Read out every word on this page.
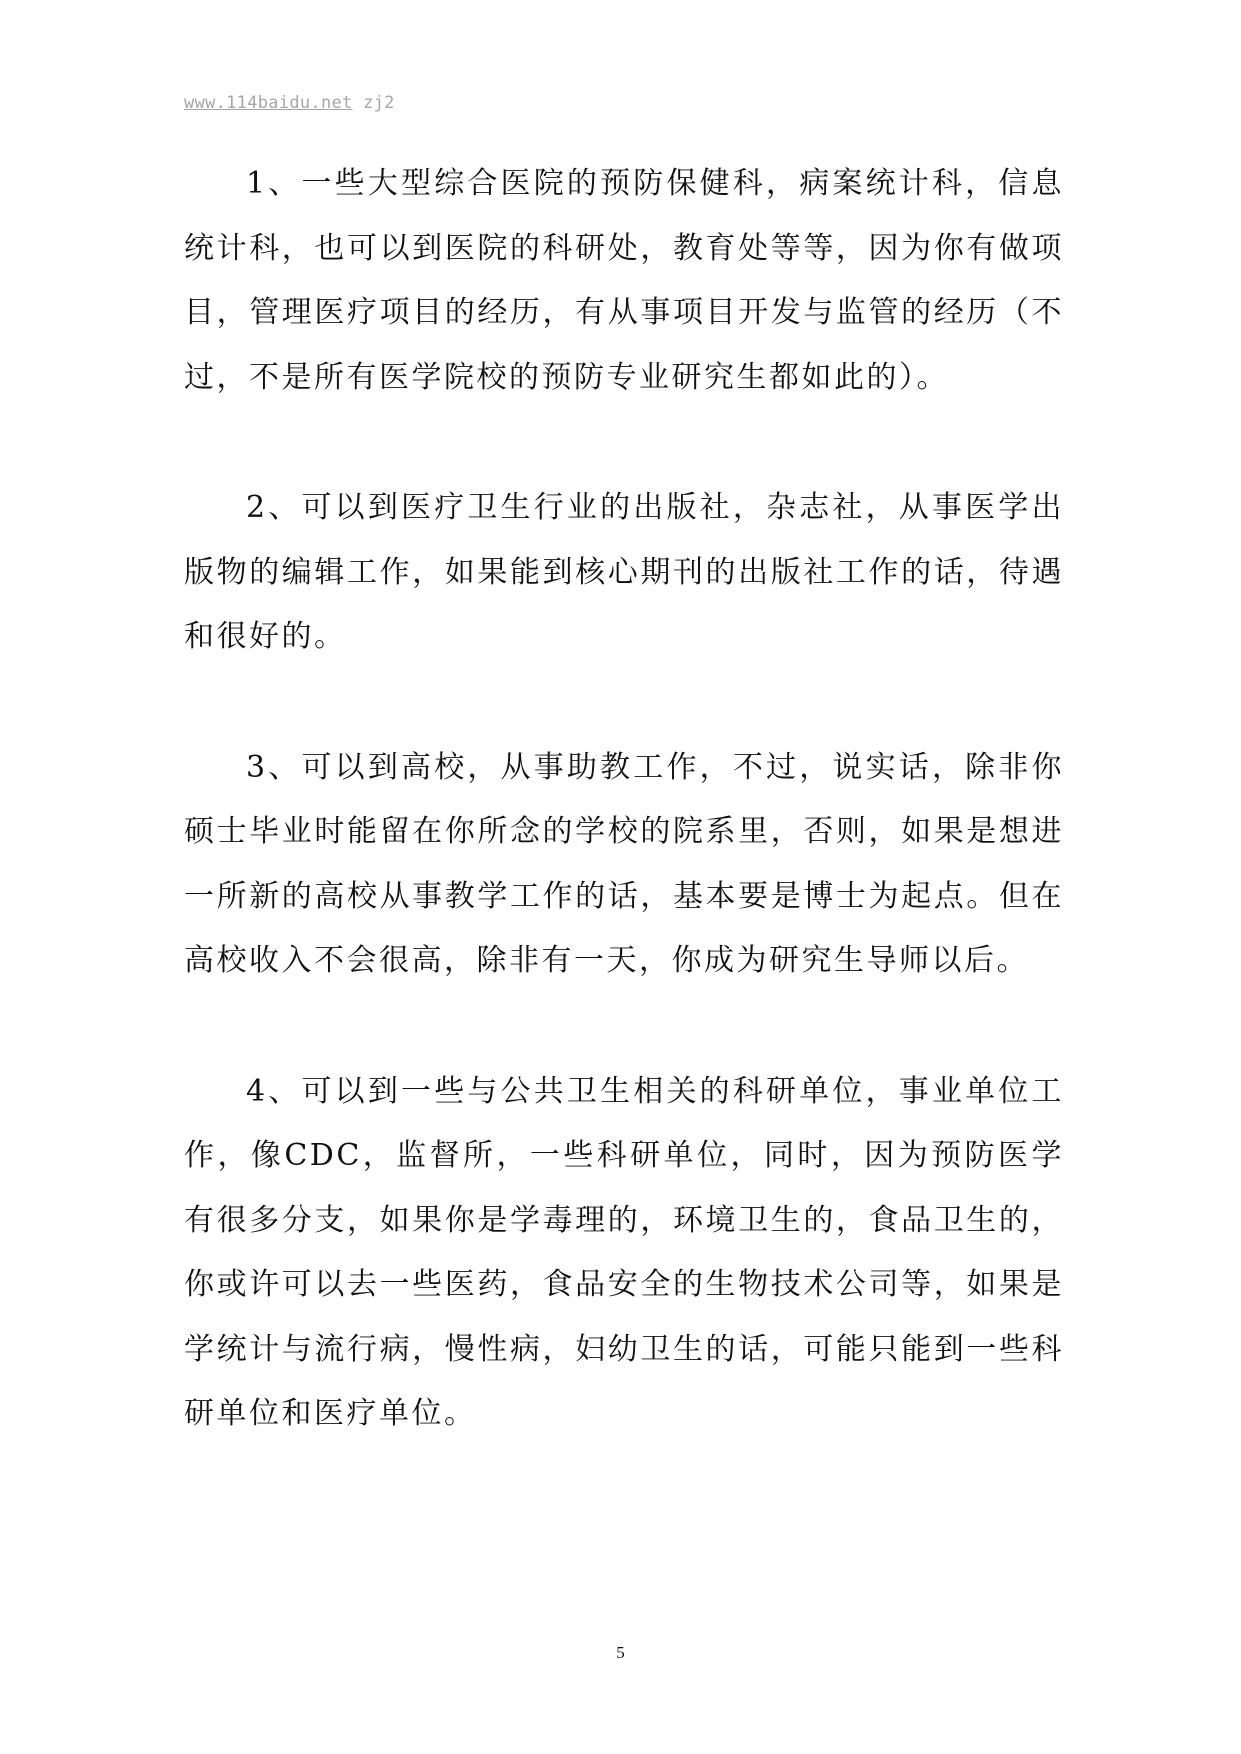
www.114baidu.net zj2

1、一些大型综合医院的预防保健科，病案统计科，信息统计科，也可以到医院的科研处，教育处等等，因为你有做项目，管理医疗项目的经历，有从事项目开发与监管的经历（不过，不是所有医学院校的预防专业研究生都如此的）。

2、可以到医疗卫生行业的出版社，杂志社，从事医学出版物的编辑工作，如果能到核心期刊的出版社工作的话，待遇和很好的。

3、可以到高校，从事助教工作，不过，说实话，除非你硕士毕业时能留在你所念的学校的院系里，否则，如果是想进一所新的高校从事教学工作的话，基本要是博士为起点。但在高校收入不会很高，除非有一天，你成为研究生导师以后。

4、可以到一些与公共卫生相关的科研单位，事业单位工作，像CDC，监督所，一些科研单位，同时，因为预防医学有很多分支，如果你是学毒理的，环境卫生的，食品卫生的，你或许可以去一些医药，食品安全的生物技术公司等，如果是学统计与流行病，慢性病，妇幼卫生的话，可能只能到一些科研单位和医疗单位。

5
